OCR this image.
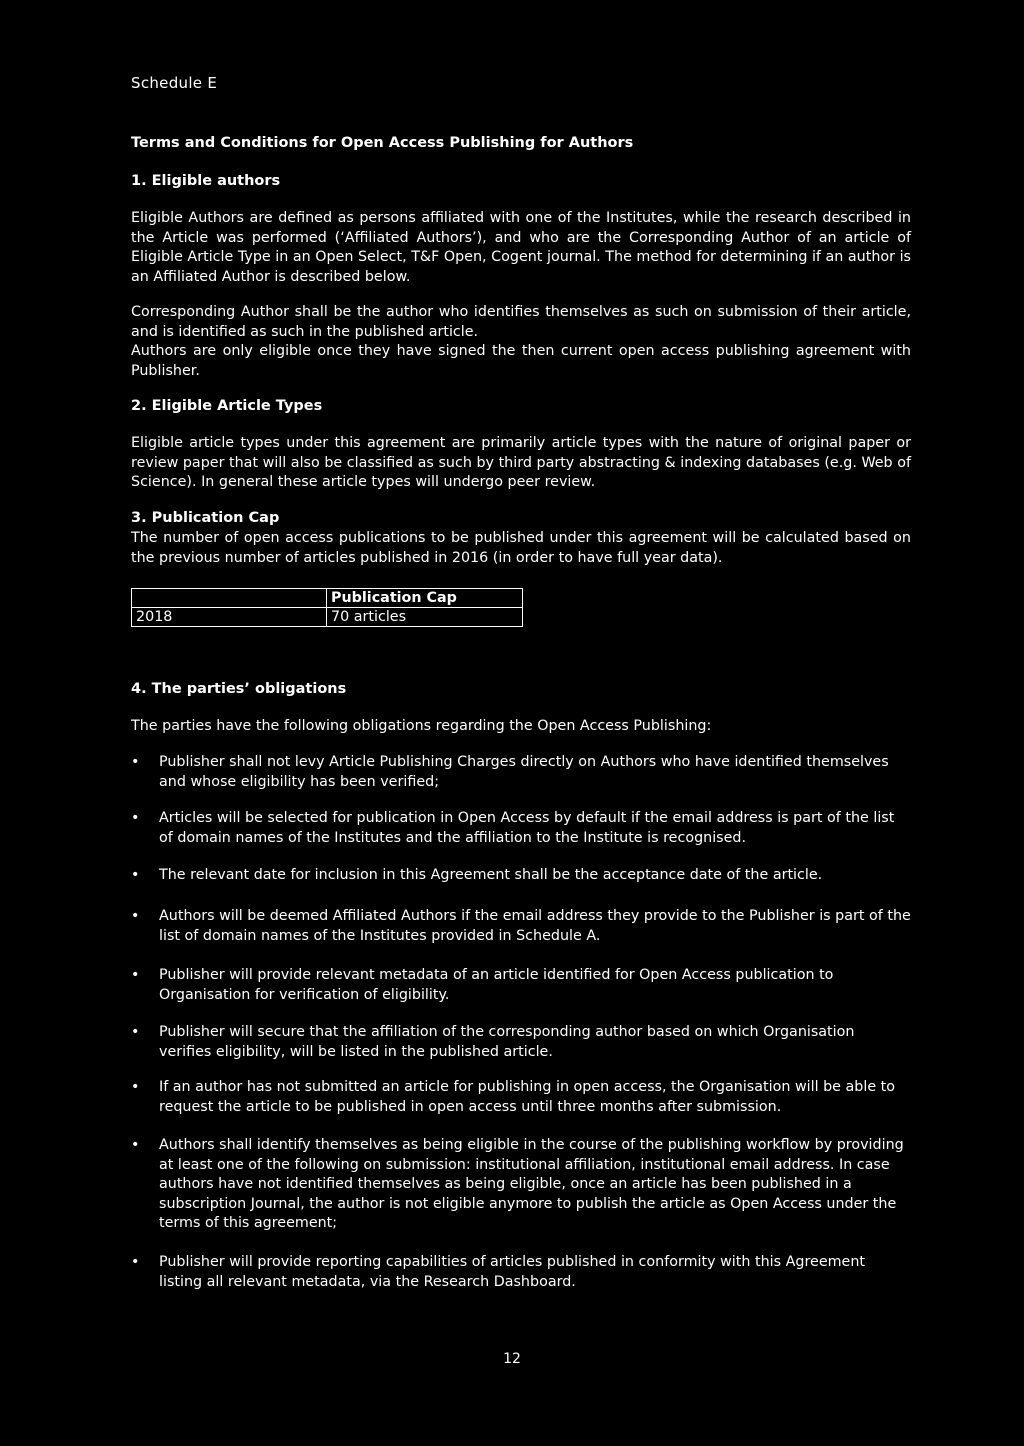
Schedule E

Terms and Conditions for Open Access Publishing for Authors

1. Eligible authors

Eligible Authors are defined as persons affiliated with one of the Institutes, while the research described in the Article was performed (‘Affiliated Authors’), and who are the Corresponding Author of an article of Eligible Article Type in an Open Select, T&F Open, Cogent journal. The method for determining if an author is an Affiliated Author is described below.

Corresponding Author shall be the author who identifies themselves as such on submission of their article, and is identified as such in the published article.

Authors are only eligible once they have signed the then current open access publishing agreement with Publisher.

2. Eligible Article Types

Eligible article types under this agreement are primarily article types with the nature of original paper or review paper that will also be classified as such by third party abstracting & indexing databases (e.g. Web of Science). In general these article types will undergo peer review.

3. Publication Cap

The number of open access publications to be published under this agreement will be calculated based on the previous number of articles published in 2016 (in order to have full year data).

	Publication Cap
2018	70 articles

4. The parties’ obligations

The parties have the following obligations regarding the Open Access Publishing:

•	Publisher shall not levy Article Publishing Charges directly on Authors who have identified themselves and whose eligibility has been verified;
•	Articles will be selected for publication in Open Access by default if the email address is part of the list of domain names of the Institutes and the affiliation to the Institute is recognised.
•	The relevant date for inclusion in this Agreement shall be the acceptance date of the article.
•	Authors will be deemed Affiliated Authors if the email address they provide to the Publisher is part of the list of domain names of the Institutes provided in Schedule A.
•	Publisher will provide relevant metadata of an article identified for Open Access publication to Organisation for verification of eligibility.
•	Publisher will secure that the affiliation of the corresponding author based on which Organisation verifies eligibility, will be listed in the published article.
•	If an author has not submitted an article for publishing in open access, the Organisation will be able to request the article to be published in open access until three months after submission.
•	Authors shall identify themselves as being eligible in the course of the publishing workflow by providing at least one of the following on submission: institutional affiliation, institutional email address. In case authors have not identified themselves as being eligible, once an article has been published in a subscription Journal, the author is not eligible anymore to publish the article as Open Access under the terms of this agreement;
•	Publisher will provide reporting capabilities of articles published in conformity with this Agreement listing all relevant metadata, via the Research Dashboard.

12
